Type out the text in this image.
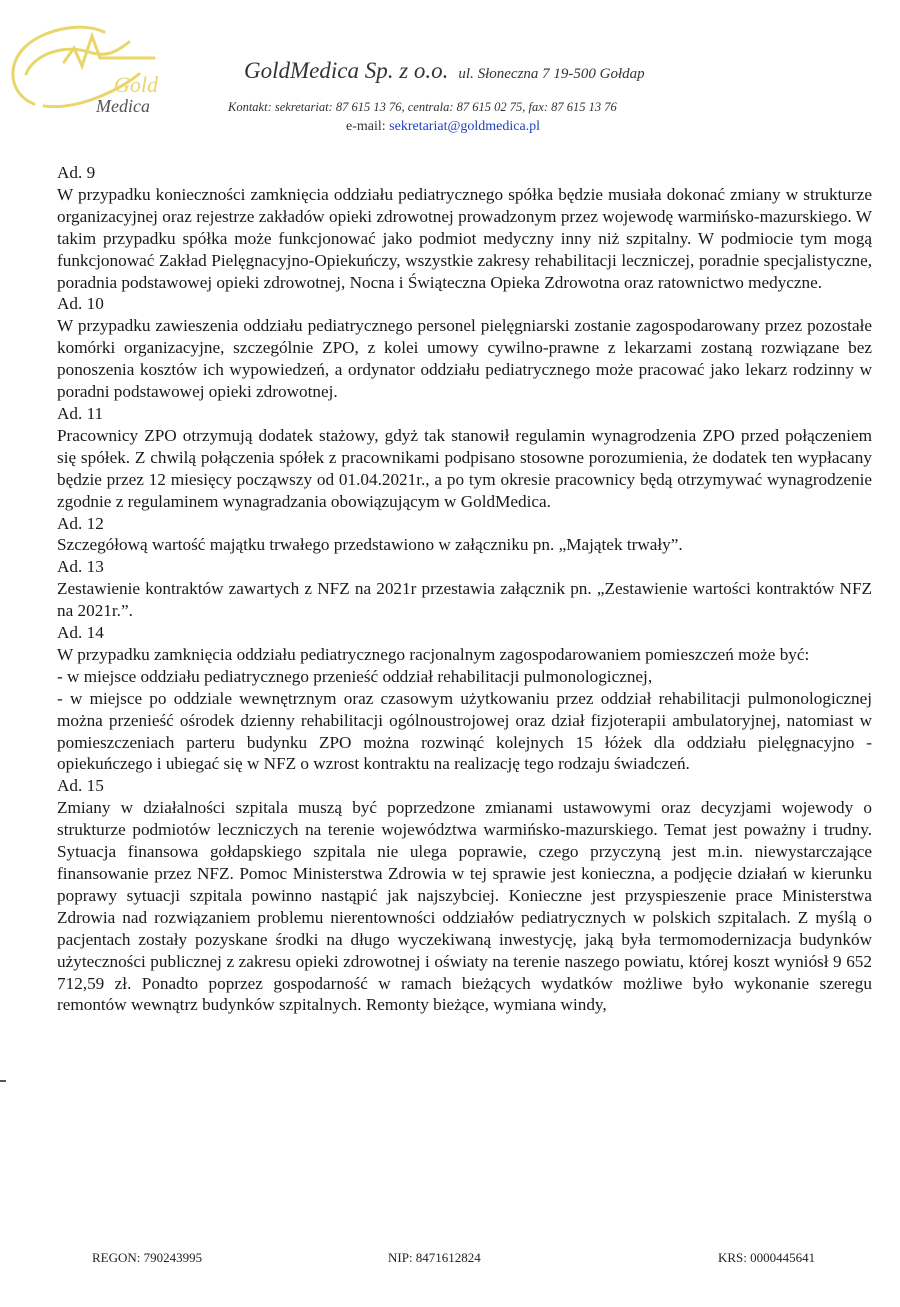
Gold
Medica
GoldMedica Sp. z o.o. ul. Słoneczna 7 19-500 Gołdap
Kontakt: sekretariat: 87 615 13 76, centrala: 87 615 02 75, fax: 87 615 13 76
e-mail: sekretariat@goldmedica.pl

Ad. 9

W przypadku konieczności zamknięcia oddziału pediatrycznego spółka będzie musiała dokonać zmiany w strukturze organizacyjnej oraz rejestrze zakładów opieki zdrowotnej prowadzonym przez wojewodę warmińsko-mazurskiego. W takim przypadku spółka może funkcjonować jako podmiot medyczny inny niż szpitalny. W podmiocie tym mogą funkcjonować Zakład Pielęgnacyjno-Opiekuńczy, wszystkie zakresy rehabilitacji leczniczej, poradnie specjalistyczne, poradnia podstawowej opieki zdrowotnej, Nocna i Świąteczna Opieka Zdrowotna oraz ratownictwo medyczne.

Ad. 10

W przypadku zawieszenia oddziału pediatrycznego personel pielęgniarski zostanie zagospodarowany przez pozostałe komórki organizacyjne, szczególnie ZPO, z kolei umowy cywilno-prawne z lekarzami zostaną rozwiązane bez ponoszenia kosztów ich wypowiedzeń, a ordynator oddziału pediatrycznego może pracować jako lekarz rodzinny w poradni podstawowej opieki zdrowotnej.

Ad. 11

Pracownicy ZPO otrzymują dodatek stażowy, gdyż tak stanowił regulamin wynagrodzenia ZPO przed połączeniem się spółek. Z chwilą połączenia spółek z pracownikami podpisano stosowne porozumienia, że dodatek ten wypłacany będzie przez 12 miesięcy począwszy od 01.04.2021r., a po tym okresie pracownicy będą otrzymywać wynagrodzenie zgodnie z regulaminem wynagradzania obowiązującym w GoldMedica.

Ad. 12

Szczegółową wartość majątku trwałego przedstawiono w załączniku pn. „Majątek trwały”.

Ad. 13

Zestawienie kontraktów zawartych z NFZ na 2021r przestawia załącznik pn. „Zestawienie wartości kontraktów NFZ na 2021r.”.

Ad. 14

W przypadku zamknięcia oddziału pediatrycznego racjonalnym zagospodarowaniem pomieszczeń może być:

- w miejsce oddziału pediatrycznego przenieść oddział rehabilitacji pulmonologicznej,

- w miejsce po oddziale wewnętrznym oraz czasowym użytkowaniu przez oddział rehabilitacji pulmonologicznej można przenieść ośrodek dzienny rehabilitacji ogólnoustrojowej oraz dział fizjoterapii ambulatoryjnej, natomiast w pomieszczeniach parteru budynku ZPO można rozwinąć kolejnych 15 łóżek dla oddziału pielęgnacyjno -opiekuńczego i ubiegać się w NFZ o wzrost kontraktu na realizację tego rodzaju świadczeń.

Ad. 15

Zmiany w działalności szpitala muszą być poprzedzone zmianami ustawowymi oraz decyzjami wojewody o strukturze podmiotów leczniczych na terenie województwa warmińsko-mazurskiego. Temat jest poważny i trudny. Sytuacja finansowa gołdapskiego szpitala nie ulega poprawie, czego przyczyną jest m.in. niewystarczające finansowanie przez NFZ. Pomoc Ministerstwa Zdrowia w tej sprawie jest konieczna, a podjęcie działań w kierunku poprawy sytuacji szpitala powinno nastąpić jak najszybciej. Konieczne jest przyspieszenie prace Ministerstwa Zdrowia nad rozwiązaniem problemu nierentowności oddziałów pediatrycznych w polskich szpitalach. Z myślą o pacjentach zostały pozyskane środki na długo wyczekiwaną inwestycję, jaką była termomodernizacja budynków użyteczności publicznej z zakresu opieki zdrowotnej i oświaty na terenie naszego powiatu, której koszt wyniósł 9 652 712,59 zł. Ponadto poprzez gospodarność w ramach bieżących wydatków możliwe było wykonanie szeregu remontów wewnątrz budynków szpitalnych. Remonty bieżące, wymiana windy,

REGON: 790243995	NIP: 8471612824	KRS: 0000445641
